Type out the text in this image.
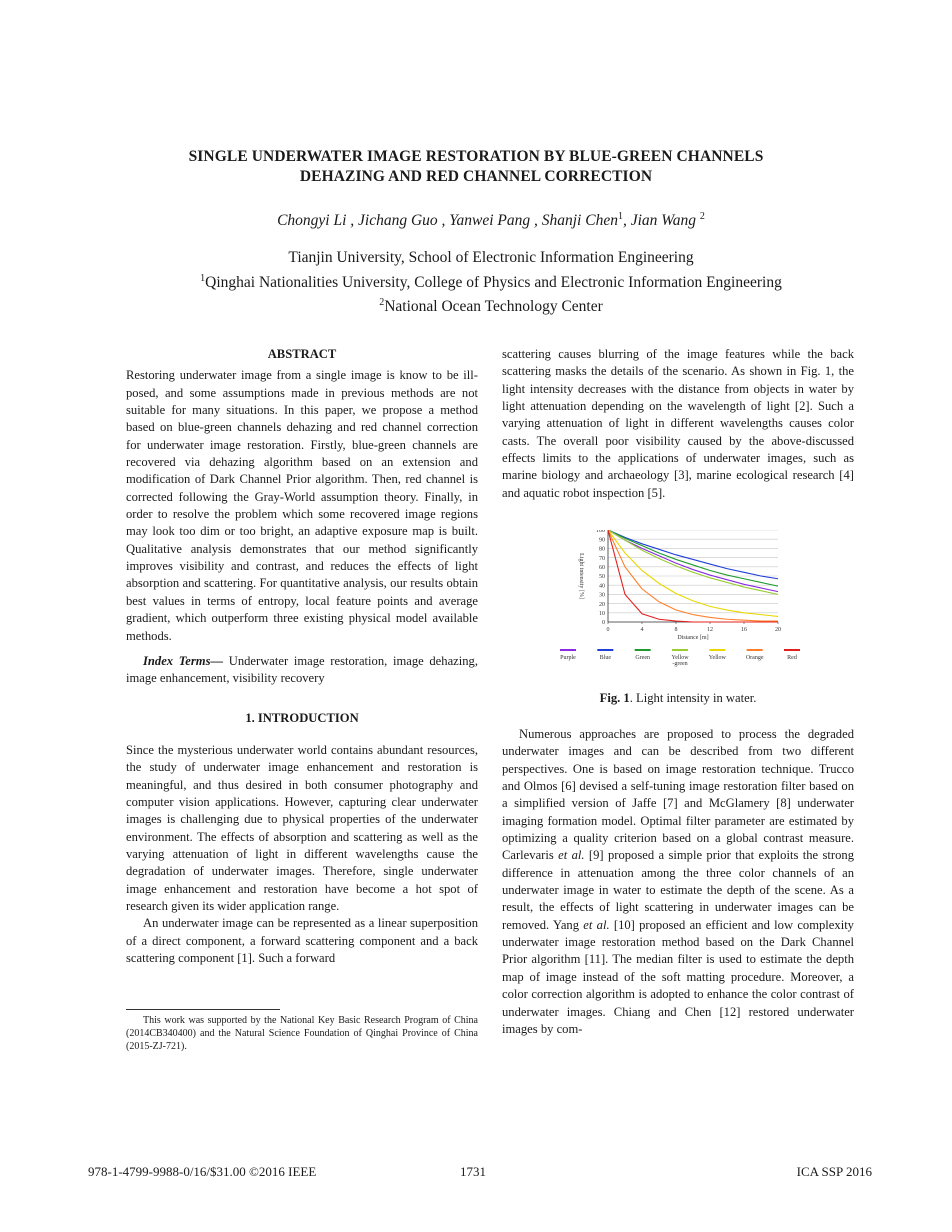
SINGLE UNDERWATER IMAGE RESTORATION BY BLUE-GREEN CHANNELS
DEHAZING AND RED CHANNEL CORRECTION
Chongyi Li , Jichang Guo , Yanwei Pang , Shanji Chen$^1$, Jian Wang $^2$
Tianjin University, School of Electronic Information Engineering
$^1$Qinghai Nationalities University, College of Physics and Electronic Information Engineering
$^2$National Ocean Technology Center
ABSTRACT

Restoring underwater image from a single image is know to be ill-posed, and some assumptions made in previous methods are not suitable for many situations. In this paper, we propose a method based on blue-green channels dehazing and red channel correction for underwater image restoration. Firstly, blue-green channels are recovered via dehazing algorithm based on an extension and modification of Dark Channel Prior algorithm. Then, red channel is corrected following the Gray-World assumption theory. Finally, in order to resolve the problem which some recovered image regions may look too dim or too bright, an adaptive exposure map is built. Qualitative analysis demonstrates that our method significantly improves visibility and contrast, and reduces the effects of light absorption and scattering. For quantitative analysis, our results obtain best values in terms of entropy, local feature points and average gradient, which outperform three existing physical model available methods.

Index Terms— Underwater image restoration, image dehazing, image enhancement, visibility recovery

1. INTRODUCTION

Since the mysterious underwater world contains abundant resources, the study of underwater image enhancement and restoration is meaningful, and thus desired in both consumer photography and computer vision applications. However, capturing clear underwater images is challenging due to physical properties of the underwater environment. The effects of absorption and scattering as well as the varying attenuation of light in different wavelengths cause the degradation of underwater images. Therefore, single underwater image enhancement and restoration have become a hot spot of research given its wider application range.

An underwater image can be represented as a linear superposition of a direct component, a forward scattering component and a back scattering component [1]. Such a forward

This work was supported by the National Key Basic Research Program of China (2014CB340400) and the Natural Science Foundation of Qinghai Province of China (2015-ZJ-721).

scattering causes blurring of the image features while the back scattering masks the details of the scenario. As shown in Fig. 1, the light intensity decreases with the distance from objects in water by light attenuation depending on the wavelength of light [2]. Such a varying attenuation of light in different wavelengths causes color casts. The overall poor visibility caused by the above-discussed effects limits to the applications of underwater images, such as marine biology and archaeology [3], marine ecological research [4] and aquatic robot inspection [5].

0
10
20
30
40
50
60
70
80
90
100
0	4	8	12	16	20
Distance [m]
Light intensity [%]
Purple	Blue	Green	Yellow
-green
Yellow	Orange	Red
Fig. 1. Light intensity in water.

Numerous approaches are proposed to process the degraded underwater images and can be described from two different perspectives. One is based on image restoration technique. Trucco and Olmos [6] devised a self-tuning image restoration filter based on a simplified version of Jaffe [7] and McGlamery [8] underwater imaging formation model. Optimal filter parameter are estimated by optimizing a quality criterion based on a global contrast measure. Carlevaris et al. [9] proposed a simple prior that exploits the strong difference in attenuation among the three color channels of an underwater image in water to estimate the depth of the scene. As a result, the effects of light scattering in underwater images can be removed. Yang et al. [10] proposed an efficient and low complexity underwater image restoration method based on the Dark Channel Prior algorithm [11]. The median filter is used to estimate the depth map of image instead of the soft matting procedure. Moreover, a color correction algorithm is adopted to enhance the color contrast of underwater images. Chiang and Chen [12] restored underwater images by com-

978-1-4799-9988-0/16/$31.00 ©2016 IEEE	1731	ICA SSP 2016
